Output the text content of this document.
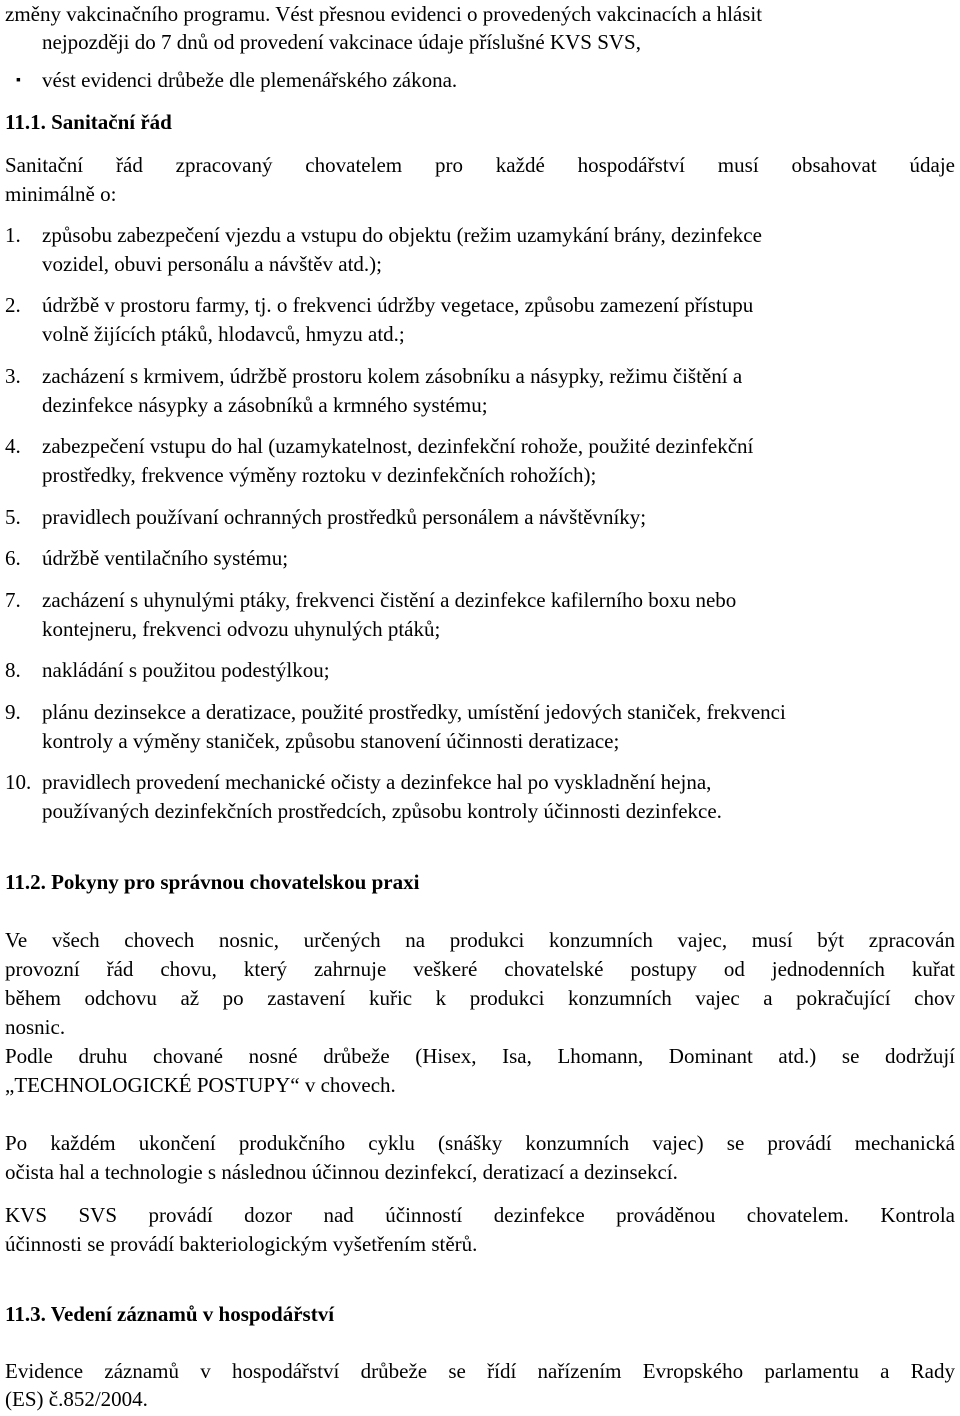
změny vakcinačního programu. Vést přesnou evidenci o provedených vakcinacích a hlásit
nejpozději do 7 dnů od provedení vakcinace údaje příslušné KVS SVS,
▪ vést evidenci drůbeže dle plemenářského zákona.
11.1. Sanitační řád
Sanitační řád zpracovaný chovatelem pro každé hospodářství musí obsahovat údaje
minimálně o:
1. způsobu zabezpečení vjezdu a vstupu do objektu (režim uzamykání brány, dezinfekce
vozidel, obuvi personálu a návštěv atd.);
2. údržbě v prostoru farmy, tj. o frekvenci údržby vegetace, způsobu zamezení přístupu
volně žijících ptáků, hlodavců, hmyzu atd.;
3. zacházení s krmivem, údržbě prostoru kolem zásobníku a násypky, režimu čištění a
dezinfekce násypky a zásobníků a krmného systému;
4. zabezpečení vstupu do hal (uzamykatelnost, dezinfekční rohože, použité dezinfekční
prostředky, frekvence výměny roztoku v dezinfekčních rohožích);
5. pravidlech používaní ochranných prostředků personálem a návštěvníky;
6. údržbě ventilačního systému;
7. zacházení s uhynulými ptáky, frekvenci čistění a dezinfekce kafilerního boxu nebo
kontejneru, frekvenci odvozu uhynulých ptáků;
8. nakládání s použitou podestýlkou;
9. plánu dezinsekce a deratizace, použité prostředky, umístění jedových staniček, frekvenci
kontroly a výměny staniček, způsobu stanovení účinnosti deratizace;
10. pravidlech provedení mechanické očisty a dezinfekce hal po vyskladnění hejna,
používaných dezinfekčních prostředcích, způsobu kontroly účinnosti dezinfekce.
11.2. Pokyny pro správnou chovatelskou praxi
Ve všech chovech nosnic, určených na produkci konzumních vajec, musí být zpracován
provozní řád chovu, který zahrnuje veškeré chovatelské postupy od jednodenních kuřat
během odchovu až po zastavení kuřic k produkci konzumních vajec a pokračující chov
nosnic.
Podle druhu chované nosné drůbeže (Hisex, Isa, Lhomann, Dominant atd.) se dodržují
„TECHNOLOGICKÉ POSTUPY“ v chovech.
Po každém ukončení produkčního cyklu (snášky konzumních vajec) se provádí mechanická
očista hal a technologie s následnou účinnou dezinfekcí, deratizací a dezinsekcí.
KVS SVS provádí dozor nad účinností dezinfekce prováděnou chovatelem. Kontrola
účinnosti se provádí bakteriologickým vyšetřením stěrů.
11.3. Vedení záznamů v hospodářství
Evidence záznamů v hospodářství drůbeže se řídí nařízením Evropského parlamentu a Rady
(ES) č.852/2004.
